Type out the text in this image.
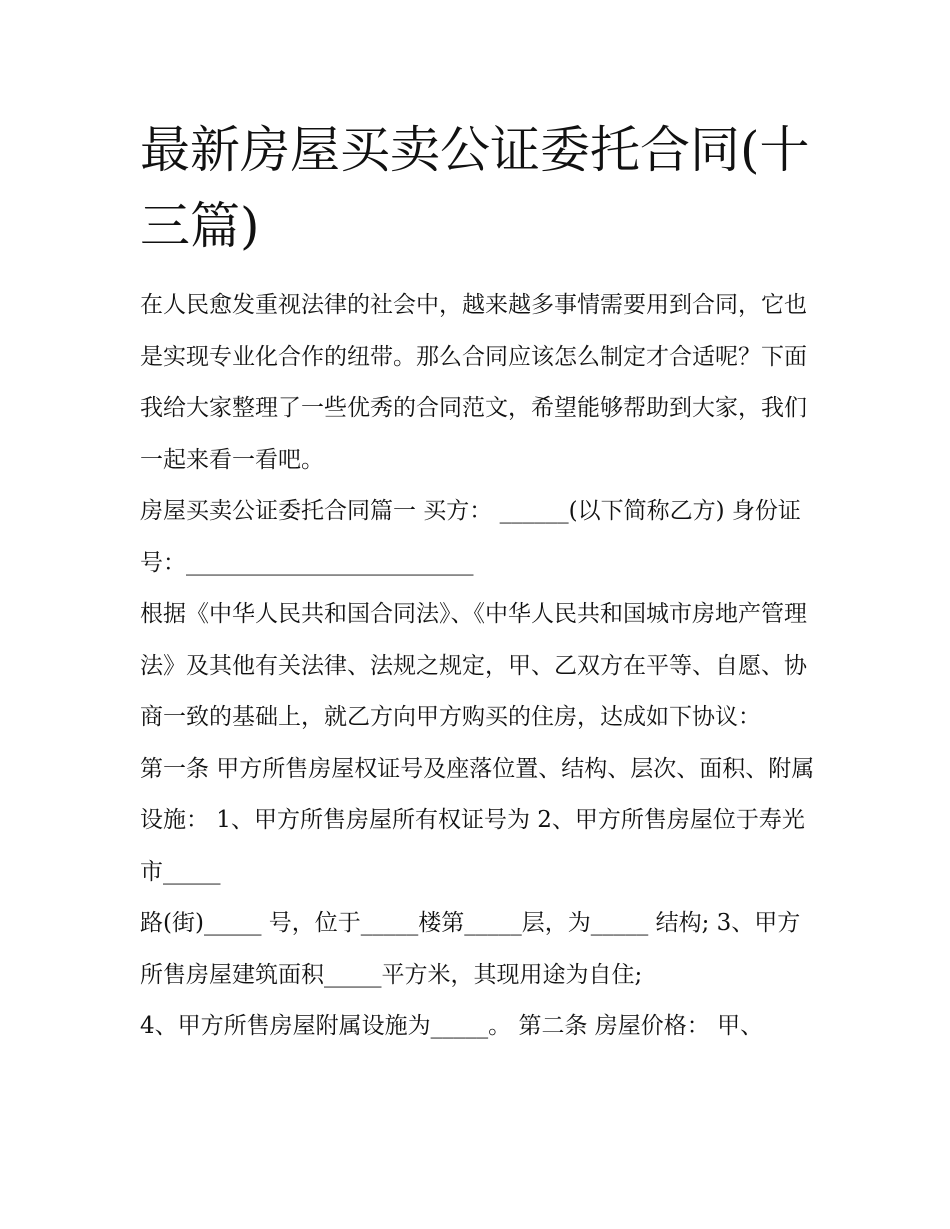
最新房屋买卖公证委托合同(十三篇)

在人民愈发重视法律的社会中，越来越多事情需要用到合同，它也是实现专业化合作的纽带。那么合同应该怎么制定才合适呢？下面我给大家整理了一些优秀的合同范文，希望能够帮助到大家，我们一起来看一看吧。

房屋买卖公证委托合同篇一 买方： ______(以下简称乙方) 身份证号：_________________________

根据《中华人民共和国合同法》、《中华人民共和国城市房地产管理法》及其他有关法律、法规之规定，甲、乙双方在平等、自愿、协商一致的基础上，就乙方向甲方购买的住房，达成如下协议：

第一条 甲方所售房屋权证号及座落位置、结构、层次、面积、附属设施： 1、甲方所售房屋所有权证号为 2、甲方所售房屋位于寿光市_____

路(街)_____ 号，位于_____楼第_____层，为_____ 结构; 3、甲方所售房屋建筑面积_____平方米，其现用途为自住;

4、甲方所售房屋附属设施为_____。 第二条 房屋价格： 甲、
